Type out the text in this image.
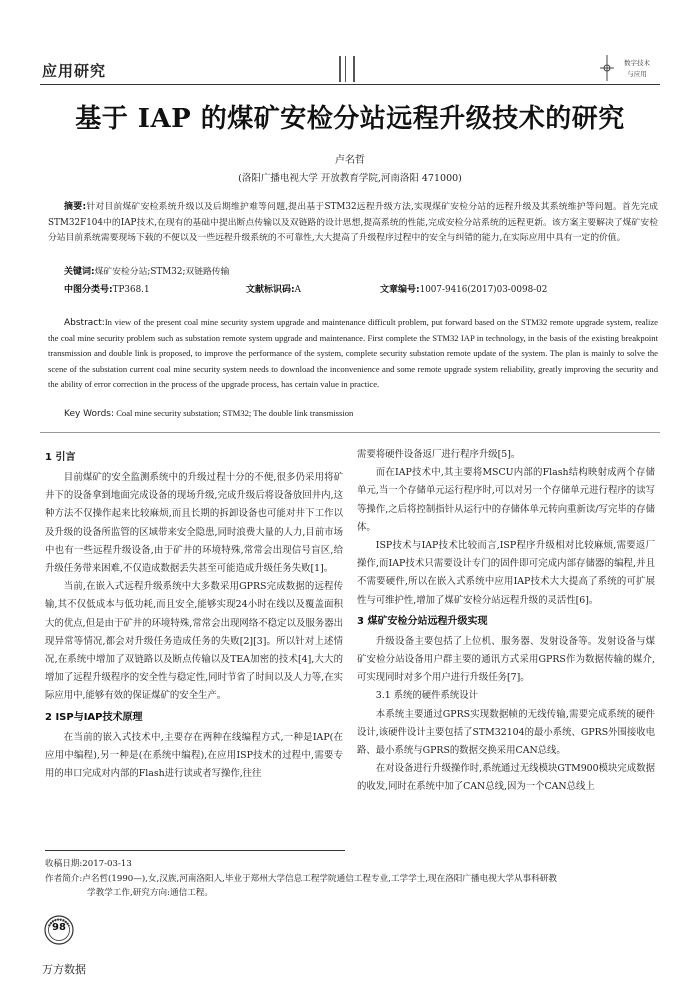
应用研究	数字技术
与应用
基于 IAP 的煤矿安检分站远程升级技术的研究
卢名哲
(洛阳广播电视大学 开放教育学院,河南洛阳 471000)
摘要:针对目前煤矿安检系统升级以及后期维护难等问题,提出基于STM32远程升级方法,实现煤矿安检分站的远程升级及其系统维护等问题。首先完成STM32F104中的IAP技术,在现有的基础中提出断点传输以及双链路的设计思想,提高系统的性能,完成安检分站系统的远程更新。该方案主要解决了煤矿安检分站目前系统需要现场下载的不便以及一些远程升级系统的不可靠性,大大提高了升级程序过程中的安全与纠错的能力,在实际应用中具有一定的价值。
关键词:煤矿安检分站;STM32;双链路传输
中图分类号:TP368.1	文献标识码:A	文章编号:1007-9416(2017)03-0098-02
Abstract:In view of the present coal mine security system upgrade and maintenance difficult problem, put forward based on the STM32 remote upgrade system, realize the coal mine security problem such as substation remote system upgrade and maintenance. First complete the STM32 IAP in technology, in the basis of the existing breakpoint transmission and double link is proposed, to improve the performance of the system, complete security substation remote update of the system. The plan is mainly to solve the scene of the substation current coal mine security system needs to download the inconvenience and some remote upgrade system reliability, greatly improving the security and the ability of error correction in the process of the upgrade process, has certain value in practice.
Key Words: Coal mine security substation; STM32; The double link transmission
1 引言

目前煤矿的安全监测系统中的升级过程十分的不便,很多仍采用将矿井下的设备拿到地面完成设备的现场升级,完成升级后将设备放回井内,这种方法不仅操作起来比较麻烦,而且长期的拆卸设备也可能对井下工作以及升级的设备所监管的区域带来安全隐患,同时浪费大量的人力,目前市场中也有一些远程升级设备,由于矿井的环境特殊,常常会出现信号盲区,给升级任务带来困难,不仅造成数据丢失甚至可能造成升级任务失败[1]。

当前,在嵌入式远程升级系统中大多数采用GPRS完成数据的远程传输,其不仅低成本与低功耗,而且安全,能够实现24小时在线以及覆盖面积大的优点,但是由于矿井的环境特殊,常常会出现网络不稳定以及服务器出现异常等情况,都会对升级任务造成任务的失败[2][3]。所以针对上述情况,在系统中增加了双链路以及断点传输以及TEA加密的技术[4],大大的增加了远程升级程序的安全性与稳定性,同时节省了时间以及人力等,在实际应用中,能够有效的保证煤矿的安全生产。

2 ISP与IAP技术原理

在当前的嵌入式技术中,主要存在两种在线编程方式,一种是IAP(在应用中编程),另一种是(在系统中编程),在应用ISP技术的过程中,需要专用的串口完成对内部的Flash进行读或者写操作,往往

需要将硬件设备返厂进行程序升级[5]。

而在IAP技术中,其主要将MSCU内部的Flash结构映射成两个存储单元,当一个存储单元运行程序时,可以对另一个存储单元进行程序的读写等操作,之后将控制指针从运行中的存储体单元转向重新读/写完毕的存储体。

ISP技术与IAP技术比较而言,ISP程序升级相对比较麻烦,需要返厂操作,而IAP技术只需要设计专门的固件即可完成内部存储器的编程,并且不需要硬件,所以在嵌入式系统中应用IAP技术大大提高了系统的可扩展性与可维护性,增加了煤矿安检分站远程升级的灵活性[6]。

3 煤矿安检分站远程升级实现

升级设备主要包括了上位机、服务器、发射设备等。发射设备与煤矿安检分站设备用户群主要的通讯方式采用GPRS作为数据传输的媒介,可实现同时对多个用户进行升级任务[7]。

3.1 系统的硬件系统设计

本系统主要通过GPRS实现数据帧的无线传输,需要完成系统的硬件设计,该硬件设计主要包括了STM32104的最小系统、GPRS外围接收电路、最小系统与GPRS的数据交换采用CAN总线。

在对设备进行升级操作时,系统通过无线模块GTM900模块完成数据的收发,同时在系统中加了CAN总线,因为一个CAN总线上

收稿日期:2017-03-13
作者简介:卢名哲(1990—),女,汉族,河南洛阳人,毕业于郑州大学信息工程学院通信工程专业,工学学士,现在洛阳广播电视大学从事科研教
学教学工作,研究方向:通信工程。
98
万方数据
